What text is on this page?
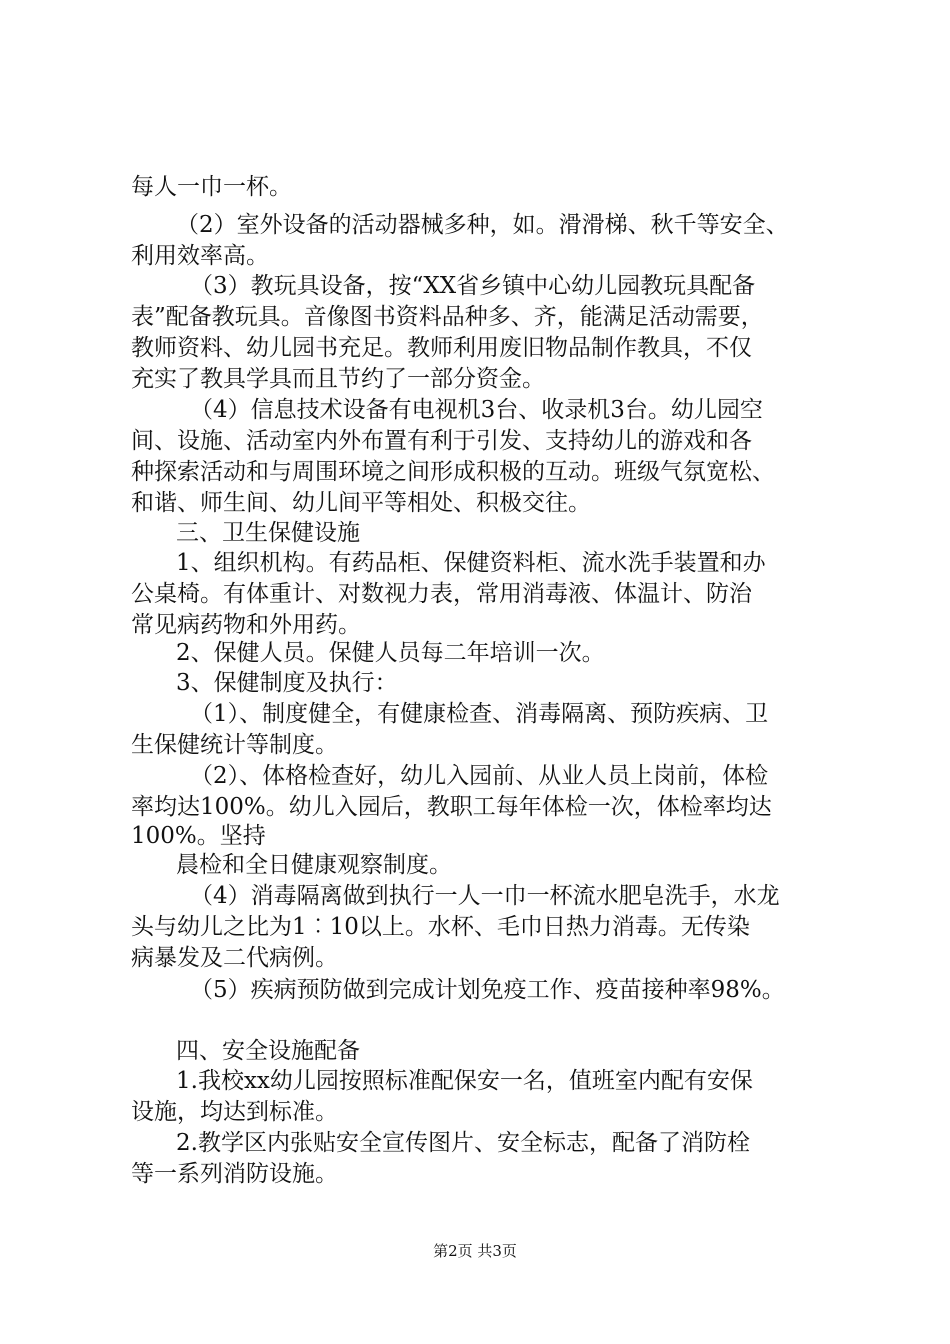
每人一巾一杯。
（2）室外设备的活动器械多种，如。滑滑梯、秋千等安全、
利用效率高。
（3）教玩具设备，按“XX省乡镇中心幼儿园教玩具配备
表”配备教玩具。音像图书资料品种多、齐，能满足活动需要，
教师资料、幼儿园书充足。教师利用废旧物品制作教具，不仅
充实了教具学具而且节约了一部分资金。
（4）信息技术设备有电视机3台、收录机3台。幼儿园空
间、设施、活动室内外布置有利于引发、支持幼儿的游戏和各
种探索活动和与周围环境之间形成积极的互动。班级气氛宽松、
和谐、师生间、幼儿间平等相处、积极交往。
三、卫生保健设施
1、组织机构。有药品柜、保健资料柜、流水洗手装置和办
公桌椅。有体重计、对数视力表，常用消毒液、体温计、防治
常见病药物和外用药。
2、保健人员。保健人员每二年培训一次。
3、保健制度及执行：
（1）、制度健全，有健康检查、消毒隔离、预防疾病、卫
生保健统计等制度。
（2）、体格检查好，幼儿入园前、从业人员上岗前，体检
率均达100%。幼儿入园后，教职工每年体检一次，体检率均达
100%。坚持
晨检和全日健康观察制度。
（4）消毒隔离做到执行一人一巾一杯流水肥皂洗手，水龙
头与幼儿之比为1︰10以上。水杯、毛巾日热力消毒。无传染
病暴发及二代病例。
（5）疾病预防做到完成计划免疫工作、疫苗接种率98%。
四、安全设施配备
1.我校xx幼儿园按照标准配保安一名，值班室内配有安保
设施，均达到标准。
2.教学区内张贴安全宣传图片、安全标志，配备了消防栓
等一系列消防设施。
第2页 共3页
